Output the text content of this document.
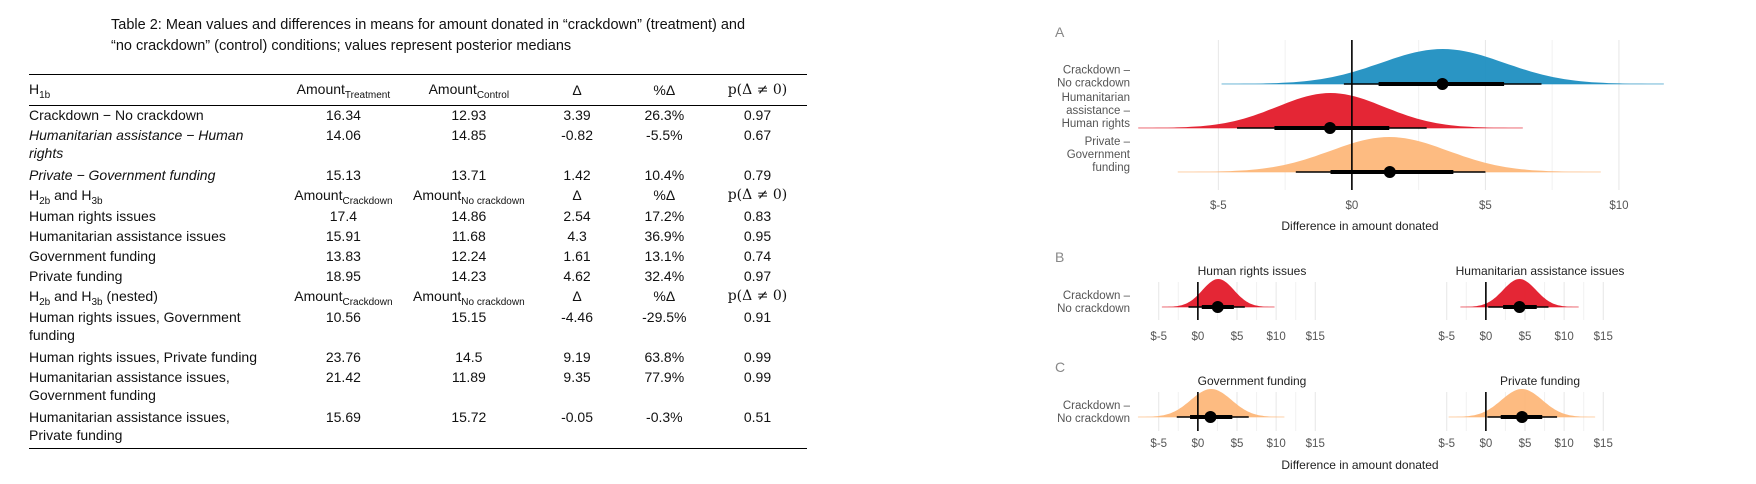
Table 2: Mean values and differences in means for amount donated in “crackdown” (treatment) and
“no crackdown” (control) conditions; values represent posterior medians
$H_{1b}$	Amount$_{Treatment}$	Amount$_{Control}$	Δ	%Δ	p(Δ ≠ 0)
Crackdown − No crackdown	16.34	12.93	3.39	26.3%	0.97
Humanitarian assistance − Human rights	14.06	14.85	-0.82	-5.5%	0.67
Private − Government funding	15.13	13.71	1.42	10.4%	0.79
$H_{2b}$ and $H_{3b}$	Amount$_{Crackdown}$	Amount$_{No crackdown}$	Δ	%Δ	p(Δ ≠ 0)
Human rights issues	17.4	14.86	2.54	17.2%	0.83
Humanitarian assistance issues	15.91	11.68	4.3	36.9%	0.95
Government funding	13.83	12.24	1.61	13.1%	0.74
Private funding	18.95	14.23	4.62	32.4%	0.97
$H_{2b}$ and $H_{3b}$ (nested)	Amount$_{Crackdown}$	Amount$_{No crackdown}$	Δ	%Δ	p(Δ ≠ 0)
Human rights issues, Government funding	10.56	15.15	-4.46	-29.5%	0.91
Human rights issues, Private funding	23.76	14.5	9.19	63.8%	0.99
Humanitarian assistance issues, Government funding	21.42	11.89	9.35	77.9%	0.99
Humanitarian assistance issues, Private funding	15.69	15.72	-0.05	-0.3%	0.51
A
$-5	$0	$5	$10
Crackdown –
No crackdown
Humanitarian
assistance –
Human rights
Private –
Government
funding
Difference in amount donated
B
Crackdown –
No crackdown
$-5 $0 $5 $10 $15
Human rights issues
$-5 $0 $5 $10 $15
Humanitarian assistance issues
C
Crackdown –
No crackdown
$-5 $0 $5 $10 $15
Government funding
$-5 $0 $5 $10 $15
Private funding
Difference in amount donated
